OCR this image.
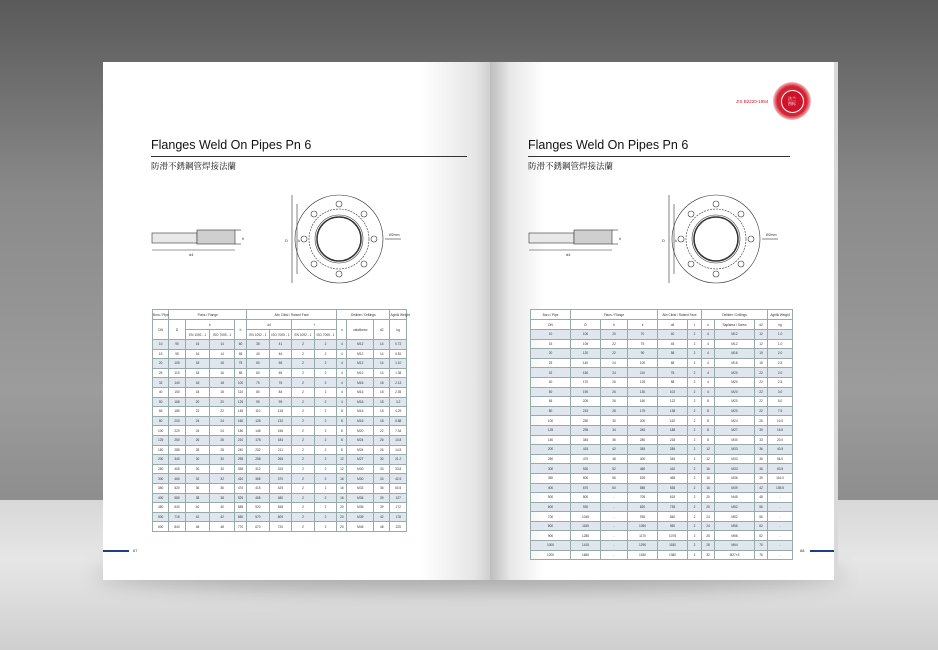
Flanges Weld On Pipes Pn 6
防滑不銹鋼管焊接法蘭
d4
h	D	k
Ø2mm
Boru / Pipe	Flans / Flange				Alin Cikisi / Raised Face				Delikler / Drillings			Agirlik Weight
DN	D	b		h	d4		f		n	vidalforew	d2	kg
		EN 1092 - 1	ISO 7005 - 1		EN 1092 - 1	ISO 7005 - 1	EN 1092 - 1	ISO 7005 - 1				
10	90	16	14	60	35	41	2	2	4	M12	14	0.72
15	95	16	14	65	40	46	2	2	4	M12	14	0.81
20	105	18	16	75	50	56	2	2	4	M12	14	1.10
25	115	18	16	85	60	65	2	2	4	M12	14	1.38
32	140	18	18	100	70	76	2	2	4	M16	18	2.13
40	150	18	18	110	80	84	2	2	4	M16	18	2.35
50	165	20	20	125	90	99	2	2	4	M16	18	3.2
65	185	22	22	145	110	118	2	2	8	M16	18	4.29
80	200	24	24	160	128	132	2	2	8	M16	18	5.88
100	220	24	24	180	148	156	2	2	8	M20	22	7.34
125	250	26	26	210	178	184	2	2	8	M24	26	10.8
150	285	28	28	240	202	211	2	2	8	M24	26	14.5
200	340	30	30	295	258	266	2	2	12	M27	30	21.2
250	405	30	30	355	312	319	2	2	12	M30	33	33.8
300	460	32	32	410	365	370	2	2	16	M30	33	42.5
350	520	36	36	470	415	429	2	2	16	M33	36	60.5
400	580	38	38	525	465	480	2	2	16	M36	39	127
450	640	40	40	585	520	548	2	2	20	M36	39	172
500	715	42	42	650	570	609	2	2	20	M39	42	178
600	840	48	48	770	670	720	2	2	20	M45	48	225
67
Flanges Weld On Pipes Pn 6
防滑不銹鋼管焊接法蘭
d4
h	D	k
Ø2mm
Boru / Pipe	Flans / Flange			Alin Cikisi / Raised Face		Delikler / Drillings			Agirlik Weight
DN	D	b	k	d4	f	n	Saplama / Screw	d2	kg
10	100	20	70	40	2	4	M12	12	1.0
15	105	22	75	45	2	4	M12	12	1.0
20	120	22	90	58	2	4	M16	15	2.0
25	140	24	100	68	2	4	M16	15	2.5
32	150	24	110	78	2	4	M20	22	2.0
40	170	26	125	88	2	4	M20	22	2.5
50	190	26	130	102	2	4	M20	22	3.0
65	205	26	160	122	2	8	M20	22	5.0
80	215	28	175	138	2	8	M20	22	7.5
100	250	30	200	162	2	8	M24	26	10.0
125	295	34	245	188	2	8	M27	30	16.5
150	345	36	280	218	2	8	M30	33	20.0
200	415	42	345	285	2	12	M33	36	40.5
250	470	48	400	345	2	12	M33	36	56.0
300	530	52	460	410	2	16	M33	36	63.5
350	600	56	525	465	2	16	M36	39	116.0
400	670	60	585	535	2	16	M39	42	155.5
500	800	-	705	615	2	20	M45	48	-
600	930	-	820	735	2	20	M52	56	-
700	1045	-	935	840	2	24	M52	56	-
800	1165	-	1050	960	2	24	M56	62	-
900	1285	-	1170	1075	2	28	M56	62	-
1000	1415	-	1290	1180	2	28	M64	70	-
1200	1665	-	1530	1380	2	32	M27×3	76	-
68
JIS B2220-1984
法兰
图标
